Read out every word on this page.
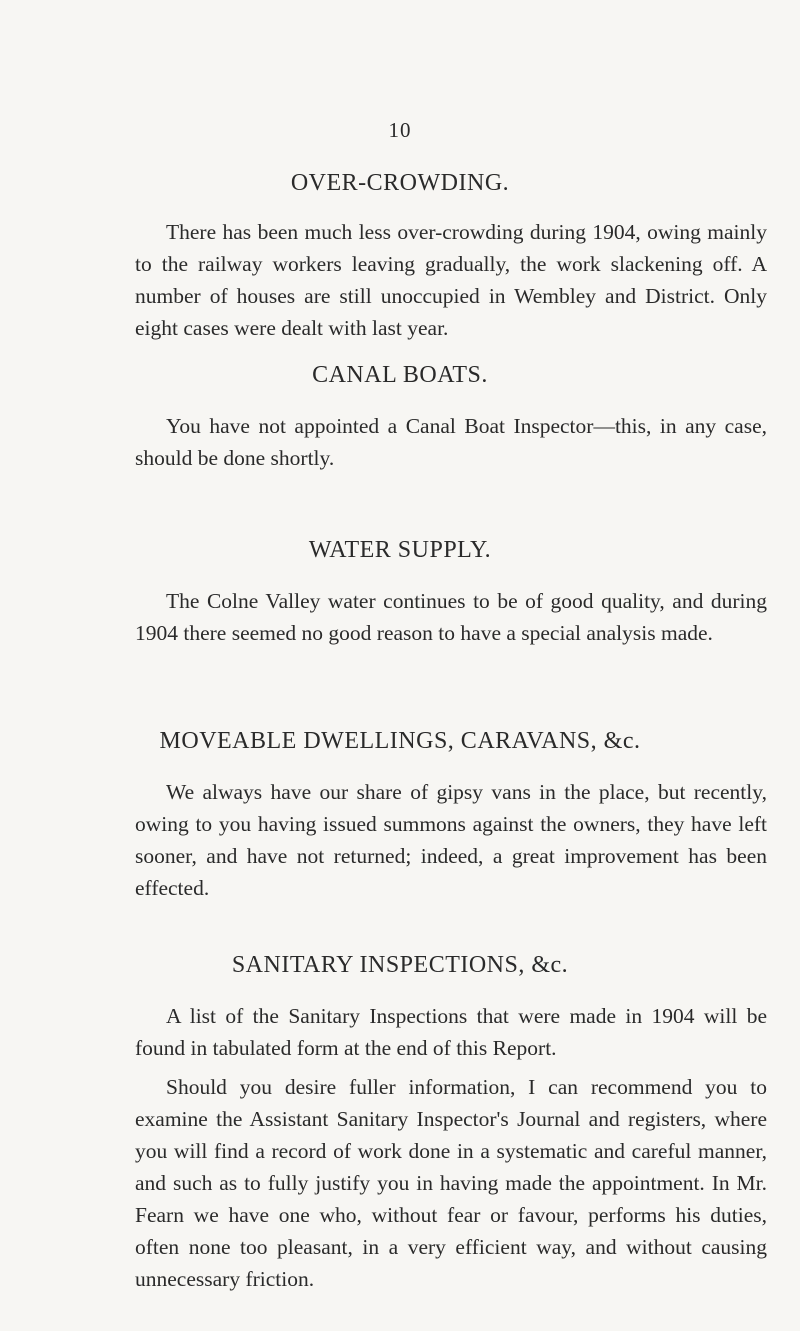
10
OVER-CROWDING.

There has been much less over-crowding during 1904, owing mainly to the railway workers leaving gradually, the work slackening off. A number of houses are still unoccupied in Wembley and District. Only eight cases were dealt with last year.

CANAL BOATS.

You have not appointed a Canal Boat Inspector—this, in any case, should be done shortly.

WATER SUPPLY.

The Colne Valley water continues to be of good quality, and during 1904 there seemed no good reason to have a special analysis made.

MOVEABLE DWELLINGS, CARAVANS, &c.

We always have our share of gipsy vans in the place, but recently, owing to you having issued summons against the owners, they have left sooner, and have not returned; indeed, a great improvement has been effected.

SANITARY INSPECTIONS, &c.

A list of the Sanitary Inspections that were made in 1904 will be found in tabulated form at the end of this Report.

Should you desire fuller information, I can recommend you to examine the Assistant Sanitary Inspector's Journal and registers, where you will find a record of work done in a systematic and careful manner, and such as to fully justify you in having made the appointment. In Mr. Fearn we have one who, without fear or favour, performs his duties, often none too pleasant, in a very efficient way, and without causing unnecessary friction.
